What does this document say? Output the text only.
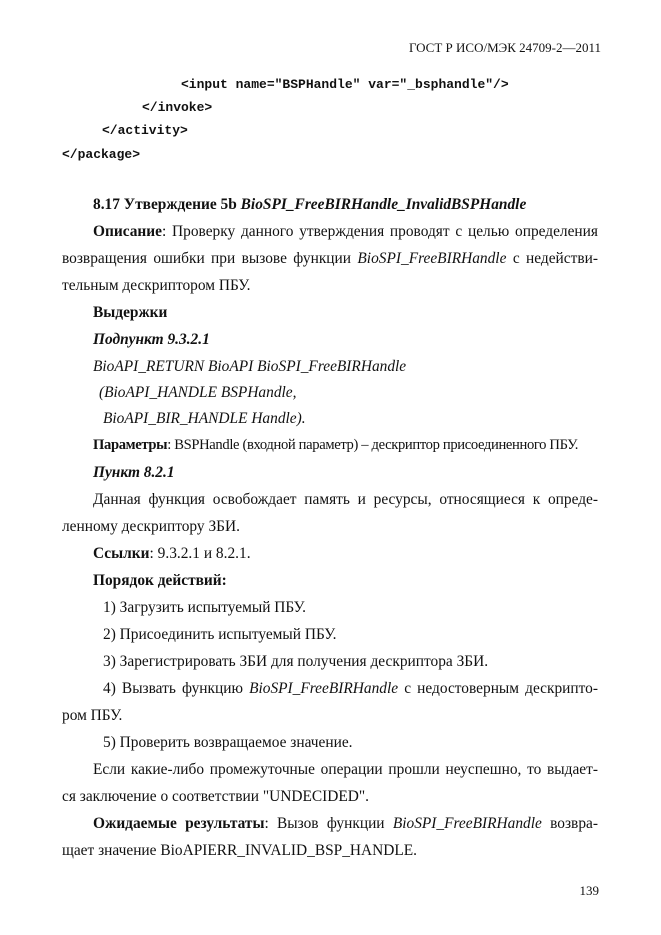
ГОСТ Р ИСО/МЭК 24709-2—2011
<input name="BSPHandle" var="_bsphandle"/>
</invoke>
</activity>
</package>
8.17 Утверждение 5b BioSPI_FreeBIRHandle_InvalidBSPHandle
Описание: Проверку данного утверждения проводят с целью определения
возвращения ошибки при вызове функции BioSPI_FreeBIRHandle с недействи-
тельным дескриптором ПБУ.
Выдержки
Подпункт 9.3.2.1
BioAPI_RETURN BioAPI BioSPI_FreeBIRHandle
(BioAPI_HANDLE BSPHandle,
BioAPI_BIR_HANDLE Handle).
Параметры: BSPHandle (входной параметр) – дескриптор присоединенного ПБУ.
Пункт 8.2.1
Данная функция освобождает память и ресурсы, относящиеся к опреде-
ленному дескриптору ЗБИ.
Ссылки: 9.3.2.1 и 8.2.1.
Порядок действий:
1) Загрузить испытуемый ПБУ.
2) Присоединить испытуемый ПБУ.
3) Зарегистрировать ЗБИ для получения дескриптора ЗБИ.
4) Вызвать функцию BioSPI_FreeBIRHandle с недостоверным дескрипто-
ром ПБУ.
5) Проверить возвращаемое значение.
Если какие-либо промежуточные операции прошли неуспешно, то выдает-
ся заключение о соответствии "UNDECIDED".
Ожидаемые результаты: Вызов функции BioSPI_FreeBIRHandle возвра-
щает значение BioAPIERR_INVALID_BSP_HANDLE.
139
